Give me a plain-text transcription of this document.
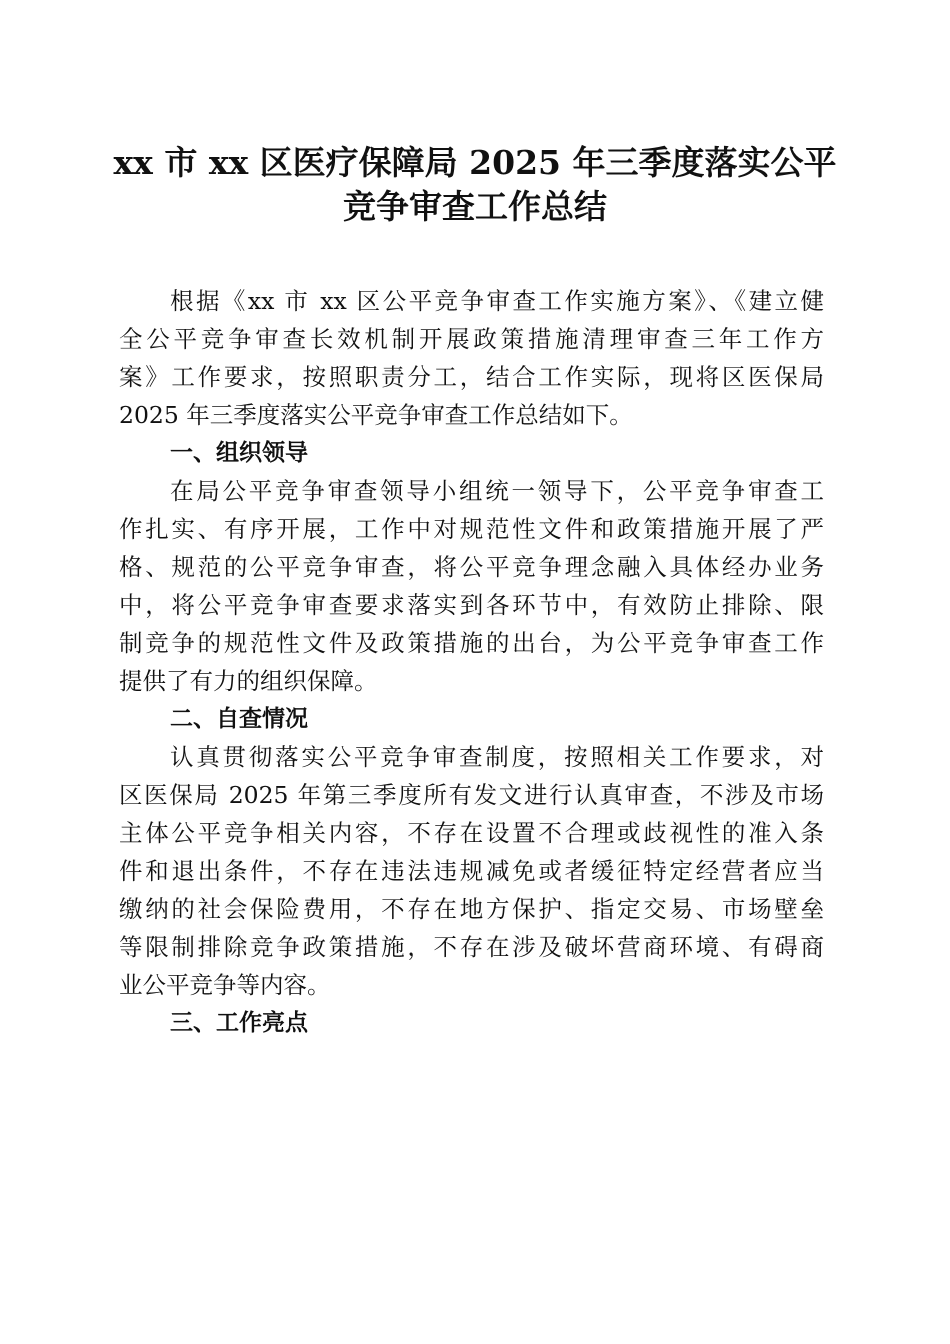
xx 市 xx 区医疗保障局 2025 年三季度落实公平
竞争审查工作总结
根据《xx 市 xx 区公平竞争审查工作实施方案》、《建立健
全公平竞争审查长效机制开展政策措施清理审查三年工作方
案》工作要求，按照职责分工，结合工作实际，现将区医保局
2025 年三季度落实公平竞争审查工作总结如下。
一、组织领导
在局公平竞争审查领导小组统一领导下，公平竞争审查工
作扎实、有序开展，工作中对规范性文件和政策措施开展了严
格、规范的公平竞争审查，将公平竞争理念融入具体经办业务
中，将公平竞争审查要求落实到各环节中，有效防止排除、限
制竞争的规范性文件及政策措施的出台，为公平竞争审查工作
提供了有力的组织保障。
二、自查情况
认真贯彻落实公平竞争审查制度，按照相关工作要求，对
区医保局 2025 年第三季度所有发文进行认真审查，不涉及市场
主体公平竞争相关内容，不存在设置不合理或歧视性的准入条
件和退出条件，不存在违法违规减免或者缓征特定经营者应当
缴纳的社会保险费用，不存在地方保护、指定交易、市场壁垒
等限制排除竞争政策措施，不存在涉及破坏营商环境、有碍商
业公平竞争等内容。
三、工作亮点
